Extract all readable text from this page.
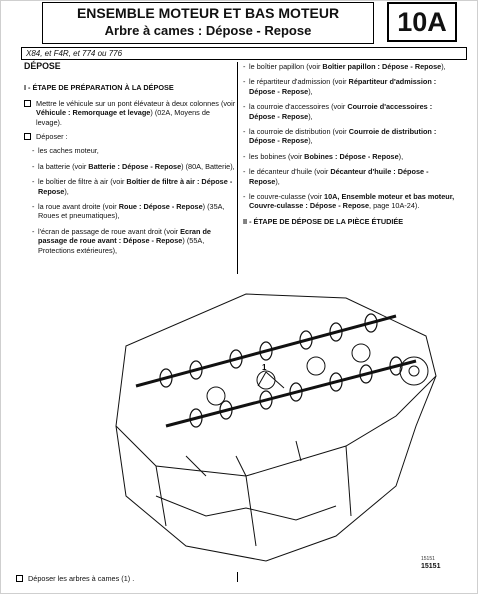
ENSEMBLE MOTEUR ET BAS MOTEUR
Arbre à cames : Dépose - Repose	10A
X84, et F4R, et 774 ou 776
DÉPOSE
I - ÉTAPE DE PRÉPARATION À LA DÉPOSE
Mettre le véhicule sur un pont élévateur à deux colonnes (voir Véhicule : Remorquage et levage) (02A, Moyens de levage).
Déposer :
- les caches moteur,
- la batterie (voir Batterie : Dépose - Repose) (80A, Batterie),
- le boîtier de filtre à air (voir Boîtier de filtre à air : Dépose - Repose),
- la roue avant droite (voir Roue : Dépose - Repose) (35A, Roues et pneumatiques),
- l'écran de passage de roue avant droit (voir Ecran de passage de roue avant : Dépose - Repose) (55A, Protections extérieures),
- le boîtier papillon (voir Boîtier papillon : Dépose - Repose),
- le répartiteur d'admission (voir Répartiteur d'admission : Dépose - Repose),
- la courroie d'accessoires (voir Courroie d'accessoires : Dépose - Repose),
- la courroie de distribution (voir Courroie de distribution : Dépose - Repose),
- les bobines (voir Bobines : Dépose - Repose),
- le décanteur d'huile (voir Décanteur d'huile : Dépose - Repose),
- le couvre-culasse (voir 10A, Ensemble moteur et bas moteur, Couvre-culasse : Dépose - Repose, page 10A-24).
II - ÉTAPE DE DÉPOSE DE LA PIÈCE ÉTUDIÉE
1
15151
15151
Déposer les arbres à cames (1) .
